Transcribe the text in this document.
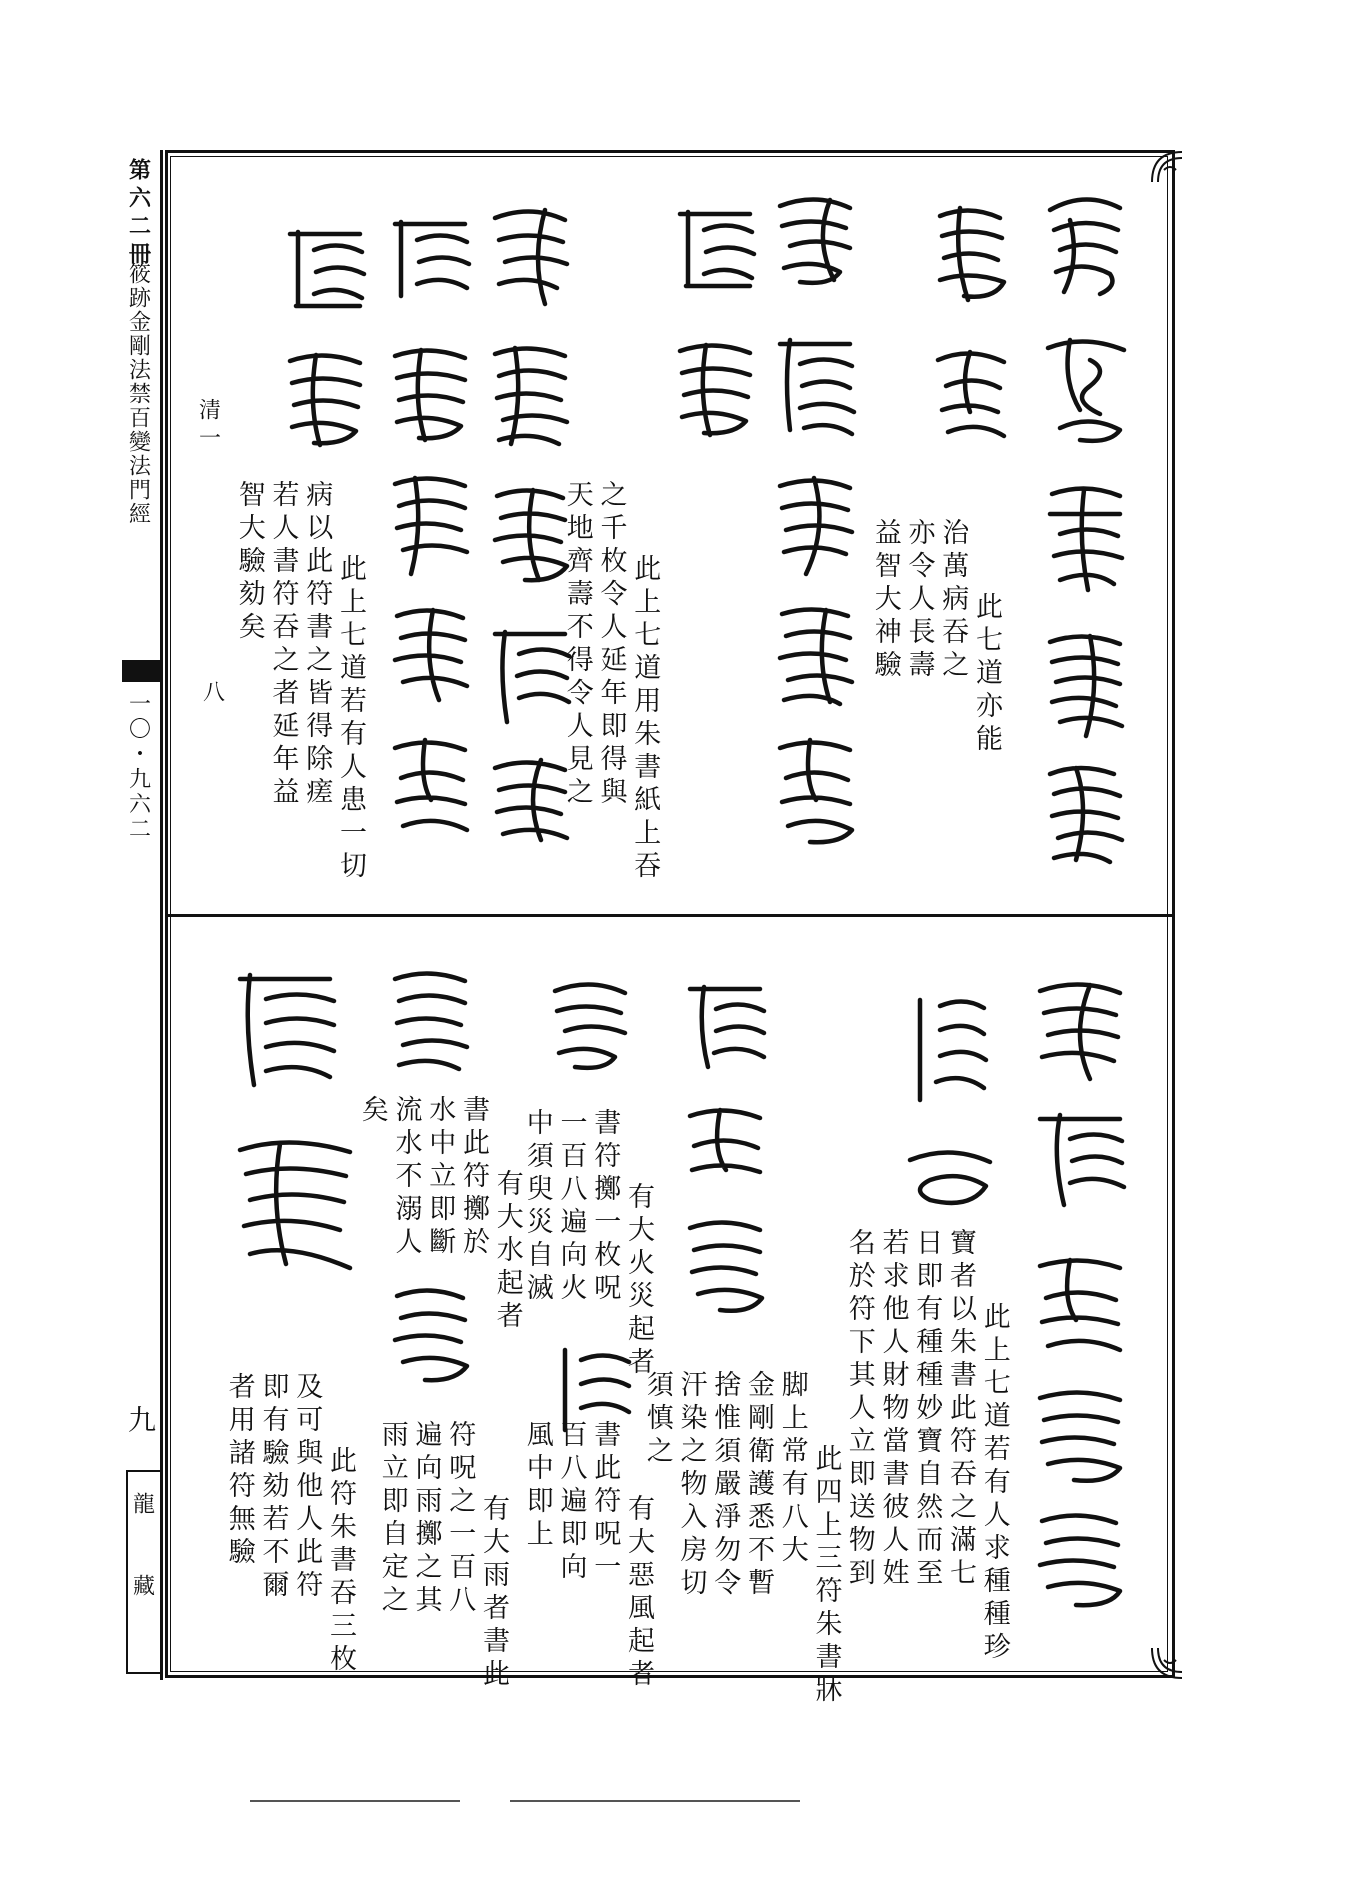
第六二冊
筱跡金剛法禁百變法門經
一〇・九六二
九
龍藏
清一
八	此七道亦能
治萬病吞之
亦令人長壽
益智大神驗

此上七道用朱書紙上吞
之千枚令人延年即得與
天地齊壽不得令人見之

此上七道若有人患一切
病以此符書之皆得除瘥
若人書符吞之者延年益
智大驗劾矣

此上七道若有人求種種珍
寶者以朱書此符吞之滿七
日即有種種妙寶自然而至
若求他人財物當書彼人姓
名於符下其人立即送物到

此四上三符朱書牀
脚上常有八大
金剛衛護悉不暫
捨惟須嚴淨勿令
汗染之物入房切
須慎之

有大火災起者
書符擲一枚呪
一百八遍向火
中須臾災自滅

有大惡風起者
書此符呪一
百八遍即向
風中即上

有大水起者
書此符擲於
水中立即斷
流水不溺人
矣

有大雨者書此
符呪之一百八
遍向雨擲之其
雨立即自定之

此符朱書吞三枚
及可與他人此符
即有驗劾若不爾
者用諸符無驗
